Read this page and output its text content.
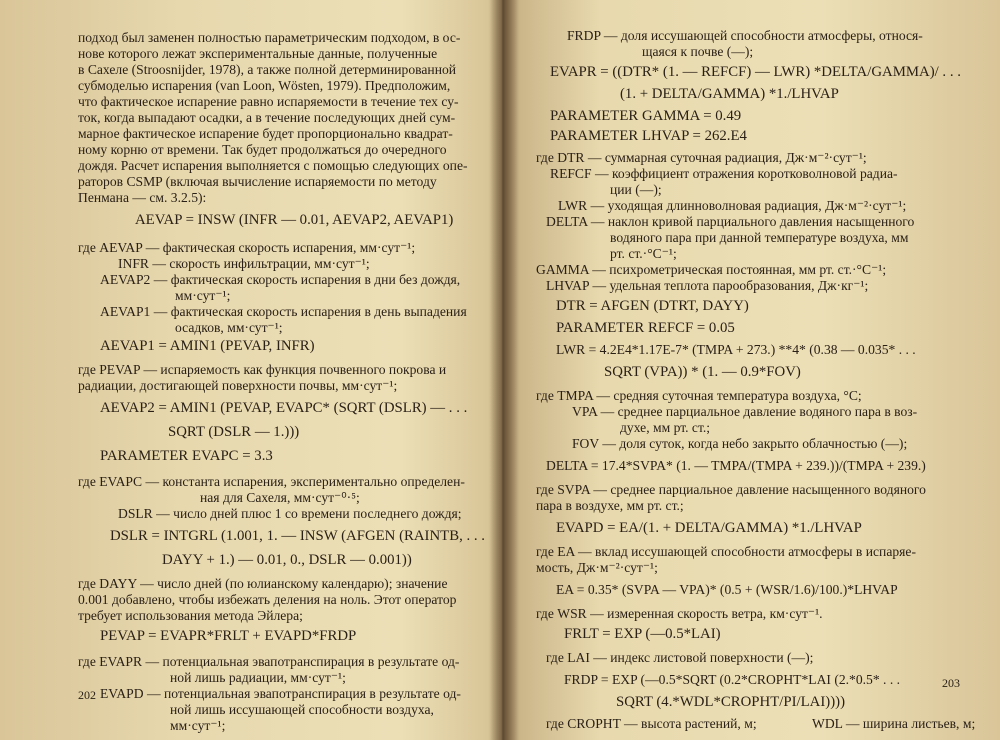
подход был заменен полностью параметрическим подходом, в ос-
нове которого лежат экспериментальные данные, полученные
в Сахеле (Stroosnijder, 1978), а также полной детерминированной
субмоделью испарения (van Loon, Wösten, 1979). Предположим,
что фактическое испарение равно испаряемости в течение тех су-
ток, когда выпадают осадки, а в течение последующих дней сум-
марное фактическое испарение будет пропорционально квадрат-
ному корню от времени. Так будет продолжаться до очередного
дождя. Расчет испарения выполняется с помощью следующих опе-
раторов CSMP (включая вычисление испаряемости по методу
Пенмана — см. 3.2.5):
AEVAP = INSW (INFR — 0.01, AEVAP2, AEVAP1)
где AEVAP — фактическая скорость испарения, мм·сут⁻¹;
INFR — скорость инфильтрации, мм·сут⁻¹;
AEVAP2 — фактическая скорость испарения в дни без дождя,
мм·сут⁻¹;
AEVAP1 — фактическая скорость испарения в день выпадения
осадков, мм·сут⁻¹;
AEVAP1 = AMIN1 (PEVAP, INFR)
где PEVAP — испаряемость как функция почвенного покрова и
радиации, достигающей поверхности почвы, мм·сут⁻¹;
AEVAP2 = AMIN1 (PEVAP, EVAPC* (SQRT (DSLR) — . . .
SQRT (DSLR — 1.)))
PARAMETER EVAPC = 3.3
где EVAPC — константа испарения, экспериментально определен-
ная для Сахеля, мм·сут⁻⁰·⁵;
DSLR — число дней плюс 1 со времени последнего дождя;
DSLR = INTGRL (1.001, 1. — INSW (AFGEN (RAINTB, . . .
DAYY + 1.) — 0.01, 0., DSLR — 0.001))
где DAYY — число дней (по юлианскому календарю); значение
0.001 добавлено, чтобы избежать деления на ноль. Этот оператор
требует использования метода Эйлера;
PEVAP = EVAPR*FRLT + EVAPD*FRDP
где EVAPR — потенциальная эвапотранспирация в результате од-
ной лишь радиации, мм·сут⁻¹;
EVAPD — потенциальная эвапотранспирация в результате од-
ной лишь иссушающей способности воздуха,
мм·сут⁻¹;
202
FRDP — доля иссушающей способности атмосферы, относя-
щаяся к почве (—);
EVAPR = ((DTR* (1. — REFCF) — LWR) *DELTA/GAMMA)/ . . .
(1. + DELTA/GAMMA) *1./LHVAP
PARAMETER GAMMA = 0.49
PARAMETER LHVAP = 262.E4
где DTR — суммарная суточная радиация, Дж·м⁻²·сут⁻¹;
REFCF — коэффициент отражения коротковолновой радиа-
ции (—);
LWR — уходящая длинноволновая радиация, Дж·м⁻²·сут⁻¹;
DELTA — наклон кривой парциального давления насыщенного
водяного пара при данной температуре воздуха, мм
рт. ст.·°С⁻¹;
GAMMA — психрометрическая постоянная, мм рт. ст.·°С⁻¹;
LHVAP — удельная теплота парообразования, Дж·кг⁻¹;
DTR = AFGEN (DTRT, DAYY)
PARAMETER REFCF = 0.05
LWR = 4.2E4*1.17E-7* (TMPA + 273.) **4* (0.38 — 0.035* . . .
SQRT (VPA)) * (1. — 0.9*FOV)
где TMPA — средняя суточная температура воздуха, °С;
VPA — среднее парциальное давление водяного пара в воз-
духе, мм рт. ст.;
FOV — доля суток, когда небо закрыто облачностью (—);
DELTA = 17.4*SVPA* (1. — TMPA/(TMPA + 239.))/(TMPA + 239.)
где SVPA — среднее парциальное давление насыщенного водяного
пара в воздухе, мм рт. ст.;
EVAPD = EA/(1. + DELTA/GAMMA) *1./LHVAP
где EA — вклад иссушающей способности атмосферы в испаряе-
мость, Дж·м⁻²·сут⁻¹;
EA = 0.35* (SVPA — VPA)* (0.5 + (WSR/1.6)/100.)*LHVAP
где WSR — измеренная скорость ветра, км·сут⁻¹.
FRLT = EXP (—0.5*LAI)
где LAI — индекс листовой поверхности (—);
FRDP = EXP (—0.5*SQRT (0.2*CROPHT*LAI (2.*0.5* . . .
SQRT (4.*WDL*CROPHT/PI/LAI))))
где CROPHT — высота растений, м;	WDL — ширина листьев, м;
203
